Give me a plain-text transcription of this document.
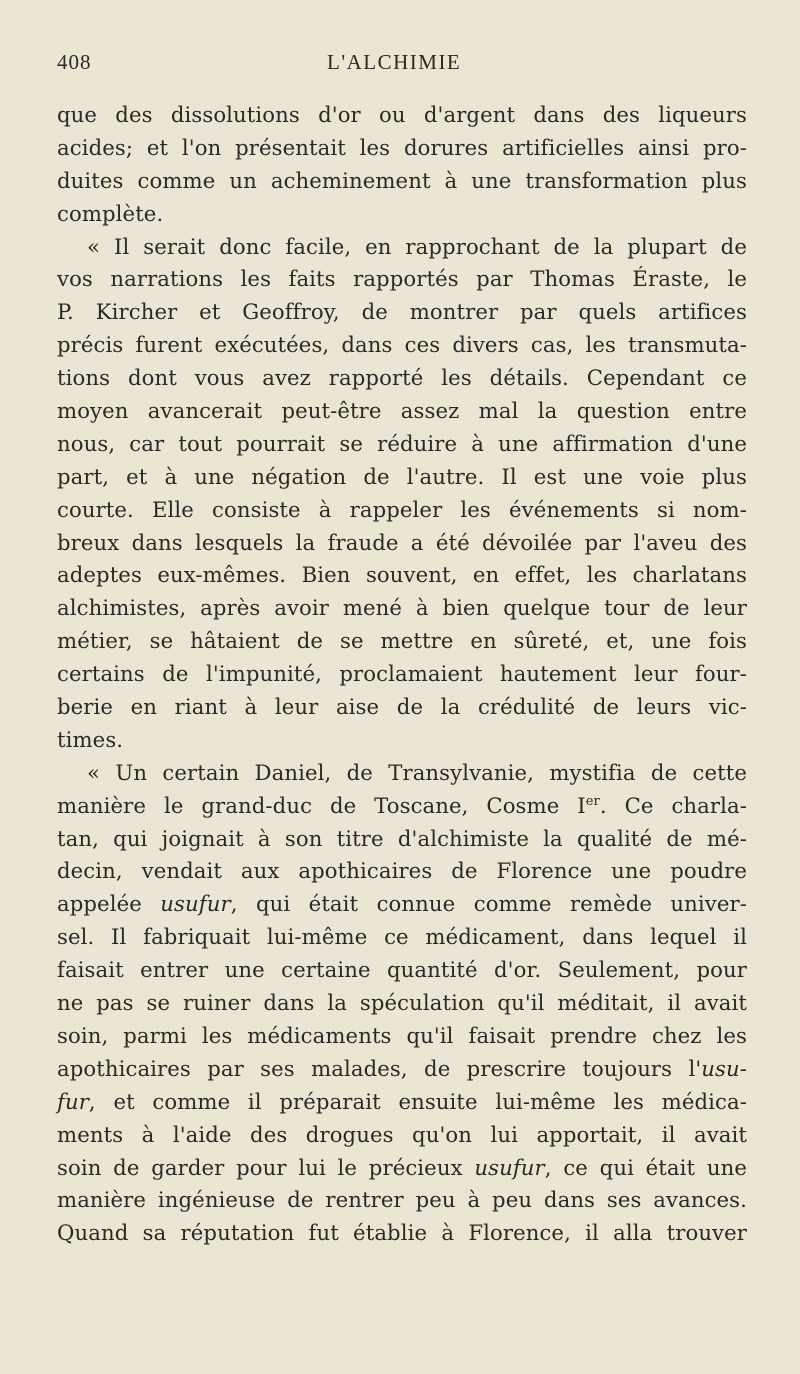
408	L'ALCHIMIE
que des dissolutions d'or ou d'argent dans des liqueurs
acides; et l'on présentait les dorures artificielles ainsi pro-
duites comme un acheminement à une transformation plus
complète.
« Il serait donc facile, en rapprochant de la plupart de
vos narrations les faits rapportés par Thomas Éraste, le
P. Kircher et Geoffroy, de montrer par quels artifices
précis furent exécutées, dans ces divers cas, les transmuta-
tions dont vous avez rapporté les détails. Cependant ce
moyen avancerait peut-être assez mal la question entre
nous, car tout pourrait se réduire à une affirmation d'une
part, et à une négation de l'autre. Il est une voie plus
courte. Elle consiste à rappeler les événements si nom-
breux dans lesquels la fraude a été dévoilée par l'aveu des
adeptes eux-mêmes. Bien souvent, en effet, les charlatans
alchimistes, après avoir mené à bien quelque tour de leur
métier, se hâtaient de se mettre en sûreté, et, une fois
certains de l'impunité, proclamaient hautement leur four-
berie en riant à leur aise de la crédulité de leurs vic-
times.
« Un certain Daniel, de Transylvanie, mystifia de cette
manière le grand-duc de Toscane, Cosme Ier. Ce charla-
tan, qui joignait à son titre d'alchimiste la qualité de mé-
decin, vendait aux apothicaires de Florence une poudre
appelée usufur, qui était connue comme remède univer-
sel. Il fabriquait lui-même ce médicament, dans lequel il
faisait entrer une certaine quantité d'or. Seulement, pour
ne pas se ruiner dans la spéculation qu'il méditait, il avait
soin, parmi les médicaments qu'il faisait prendre chez les
apothicaires par ses malades, de prescrire toujours l'usu-
fur, et comme il préparait ensuite lui-même les médica-
ments à l'aide des drogues qu'on lui apportait, il avait
soin de garder pour lui le précieux usufur, ce qui était une
manière ingénieuse de rentrer peu à peu dans ses avances.
Quand sa réputation fut établie à Florence, il alla trouver
